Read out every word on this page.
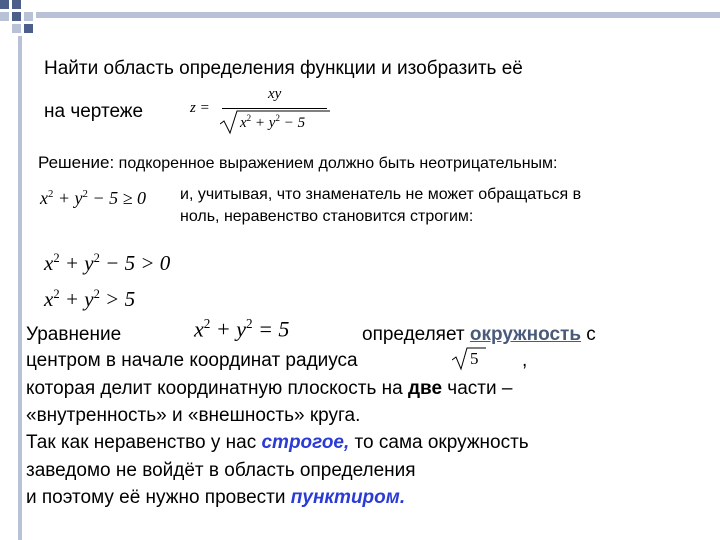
Найти область определения функции и изобразить её
на чертеже	z =
xy
$x^2 + y^2 - 5$
Решение: подкоренное выражением должно быть неотрицательным:
$x^2 + y^2 - 5 \ge 0$ и, учитывая, что знаменатель не может обращаться в
ноль, неравенство становится строгим:
$x^2 + y^2 - 5 > 0$
$x^2 + y^2 > 5$
Уравнение	$x^2 + y^2 = 5$	определяет окружность с
центром в начале координат радиуса	5 ,
которая делит координатную плоскость на две части –
«внутренность» и «внешность» круга.
Так как неравенство у нас строгое, то сама окружность
заведомо не войдёт в область определения
и поэтому её нужно провести пунктиром.
